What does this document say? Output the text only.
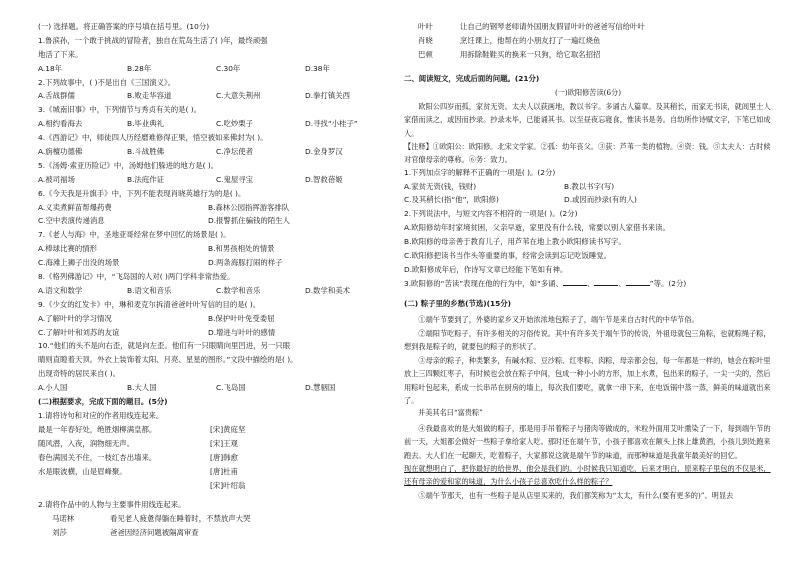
(一) 选择题。将正确答案的序号填在括号里。(10分)
1.鲁滨孙，一个敢于挑战的冒险者，独自在荒岛生活了( )年，最终顽强
地活了下来。
A.18年	B.28年	C.30年	D.38年
2.下列故事中，( )不是出自《三国演义》。
A.舌战群儒	B.败走华容道	C.大意失荆州	D.拳打镇关西
3.《城南旧事》中，下列情节与秀贞有关的是( )。
A.相约看海去	B.毕业典礼	C.吃炒栗子	D.寻找“小桂子”
4.《西游记》中，师徒四人历经磨难修得正果，悟空被如来佛封为( )。
A.旃檀功德佛	B.斗战胜佛	C.净坛使者	D.金身罗汉
5.《汤姆·索亚历险记》中，汤姆他们躲进的地方是( )。
A.被司福场	B.法庭作证	C.鬼屋寻宝	D.智救蓓姬
6.《今天我是升旗手》中，下列不能表现肖晓英雄行为的是( )。
A.义卖煮鲜苗帮爆药费	B.森林公园指挥游客排队
C.空中表演传递消息	D.报警抓住骗钱的陌生人
7.《老人与海》中，圣地亚哥经常在梦中回忆的场景是( )。
A.棒球比赛的情形	B.和男孩相处的情景
C.海滩上狮子出没的场景	D.两条海豚打闹的样子
8.《格列佛游记》中，“飞岛国的人对( )两门学科非常热爱。
A.语文和数学	B.语文和音乐	C.数学和音乐	D.数学和美术
9.《少女的红发卡》中，琳和麦克尔拆清爸爸叶叶写信的目的是( )。
A.了解叶叶的学习情况	B.保护叶叶免受委屈
C.了解叶叶和刘苏的友谊	D.增进与叶叶的感情
10.“他们的头不是向右歪，就是向左歪。他们有一只眼睛向里凹进，另一只眼
睛则直瞪着天顶。外衣上装饰着太阳、月亮、星星的图形。”文段中描绘的是( )。
出现奇特的居民来自( )。
A.小人国	B.大人国	C.飞岛国	D.慧骃国
(二)根据要求，完成下面的题目。(5分)
1.请将诗句和对应的作者用线连起来。
最是一年春好处，绝胜烟柳满皇都。	[宋]黄庭坚
随风潜，入夜，润物细无声。	[宋]王观
春色满园关不住，一枝红杏出墙来。	[唐]韩愈
水是眼波横，山是眉峰聚。	[唐]杜甫
[宋]叶绍翁
2.请将作品中的人物与主要事件用线连起来。
马诺林	看见老人疲惫得躺在睡着时，不禁放声大哭
刘莎	爸爸因经济问题被隔离审查
叶叶	让自己的钢琴老师请外国朋友假冒叶叶的爸爸写信给叶叶
肖晓	烹饪课上，他帮在的小朋友打了一遍红烧鱼
巴顿	用拆除鞋鞋买的换来一只狗，给它取名招招
二、阅读短文，完成后面的问题。(21分)
(一)欧阳修苦读(6分)
欧阳公四岁而孤，家贫无资。太夫人以荻画地，教以书字。多诵古人篇章。及其稍长，而家无书读，就闾里士人家借而读之，或因而抄录。抄录未毕，已能诵其书。以至昼夜忘寝食，惟读书是务。自幼所作诗赋文字，下笔已如成人。
【注释】①欧阳公：欧阳修。北宋文学家。②孤：幼年丧父。③荻：芦苇一类的植物。④资：钱。⑤太夫人：古时候对官僚母亲的尊称。⑥务：致力。
1.下列加点字的解释不正确的一项是( )。(2分)
A.家贫无资(钱，钱财)	B.教以书字(写)
C.及其稍长(指“他”，欧阳修)	D.或因而抄录(有的人)
2.下列说法中，与短文内容不相符的一项是( )。(2分)
A.欧阳修幼年时家境贫困，父亲早逝，家里没有什么钱，常要以别人家借书来读。
B.欧阳修的母亲善于教育儿子，用芦苇在地上教小欧阳修读书写字。
C.欧阳修把读书当作头等重要的事，经常会读到忘记吃饭睡觉。
D.欧阳修成年后，作诗写文章已经能下笔如有神。
3.欧阳修的“苦读”表现在他的行为中，如“多诵、	、	、	”等。(2分)
(二) 粽子里的乡愁(节选)(15分)
①端午节要到了，外婆的家乡又开始浓浓地包粽子了，端午节是来自古时代的中华节俗。
②端阳节吃粽子，有许多相关的习俗传说。其中有许多关于端午节的传说，外祖母就包三角粽，也就粽绳子粽，想到我是粽子的，就要包的粽子的形状了。
③母亲的粽子，种类繁多，有碱水粽、豆沙粽、红枣粽、肉粽，母亲都会包，每一年都是一样的，她会在粽叶里放上三四颗红枣子，有时候也会放在粽子中间，包成一种小小的方形，加上水煮，包出来的粽子，一尖一尖的，然后用粽叶包起来，系成一长串吊在厨房的墙上，每次我们要吃，就拿一串下来，在电饭锅中蒸一蒸，鲜美的味道就出来了。
并美其名曰“富贵粽”
④我最喜欢的是大姐做的粽子，那是用手吊着粽子与猪肉等做成的，米粒外面用艾叶熏染了一下，每到端午节的前一天，大姐都会做好一些粽子拿给家人吃。那时还在端午节，小孩子都喜欢在额头上抹上雄黄酒，小孩儿到处跑来跑去。大人们在一起聊天，吃着粽子，大家都说这就是端午节的味道，而那种味道是我童年最美好的回忆。
现在就想明白了，把你最好的给世界，他会是我们的。小时候我只知道吃，后来才明白，原来粽子里包的不仅是米，还有母亲的爱和家的味道，为什么小孩子总喜欢吃什么样的粽子？
⑤端午节那天，也有一些粽子是从店里买来的，我们都笑称为“太太，有什么(要有更多的)”。明显去
